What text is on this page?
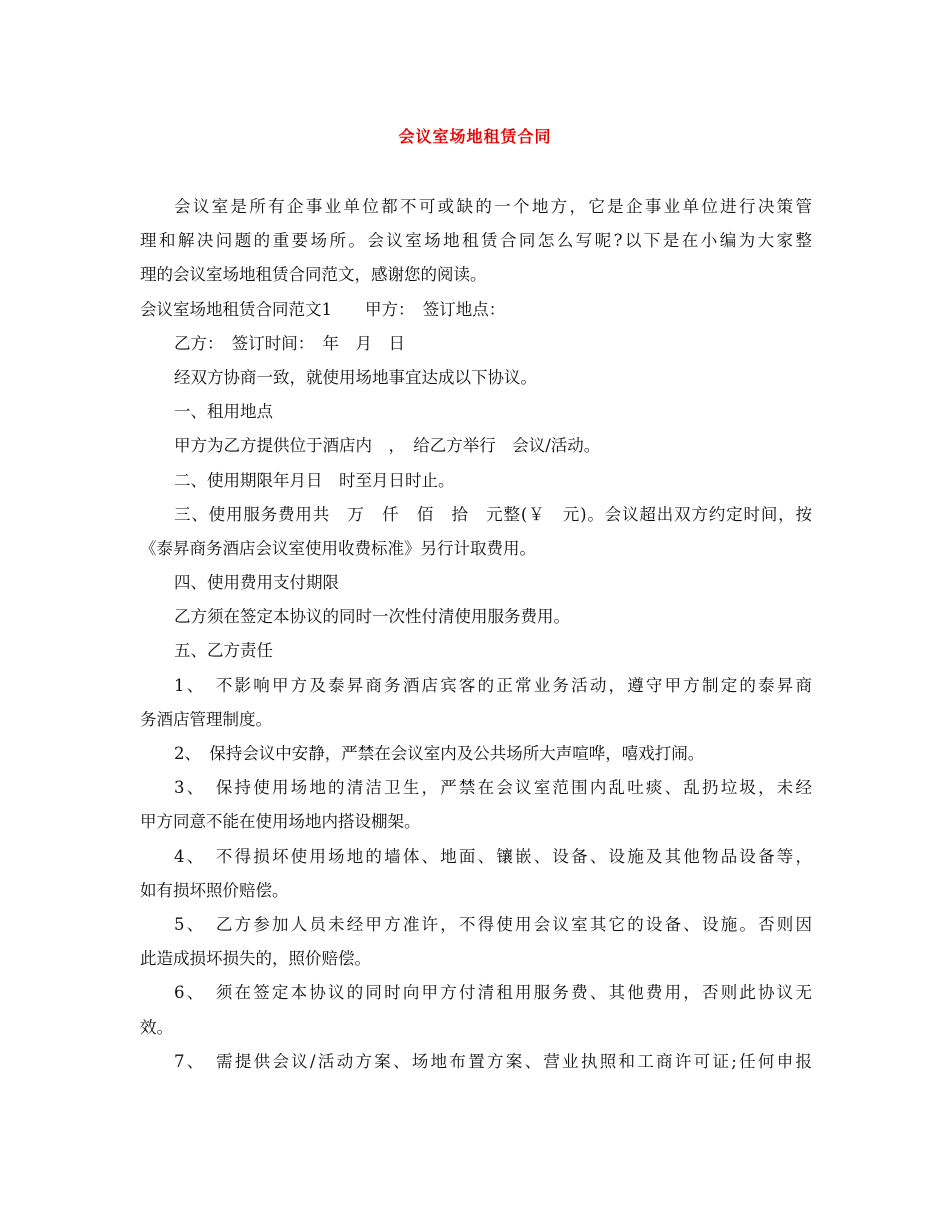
会议室场地租赁合同
会议室是所有企事业单位都不可或缺的一个地方，它是企事业单位进行决策管
理和解决问题的重要场所。会议室场地租赁合同怎么写呢?以下是在小编为大家整
理的会议室场地租赁合同范文，感谢您的阅读。
会议室场地租赁合同范文1　　甲方：　签订地点：
乙方：　签订时间：　年　月　日
经双方协商一致，就使用场地事宜达成以下协议。
一、租用地点
甲方为乙方提供位于酒店内　，　给乙方举行　会议/活动。
二、使用期限年月日　时至月日时止。
三、使用服务费用共　万　仟　佰　拾　元整(￥　元)。会议超出双方约定时间，按
《泰昇商务酒店会议室使用收费标准》另行计取费用。
四、使用费用支付期限
乙方须在签定本协议的同时一次性付清使用服务费用。
五、乙方责任
1、　不影响甲方及泰昇商务酒店宾客的正常业务活动，遵守甲方制定的泰昇商
务酒店管理制度。
2、　保持会议中安静，严禁在会议室内及公共场所大声喧哗，嘻戏打闹。
3、　保持使用场地的清洁卫生，严禁在会议室范围内乱吐痰、乱扔垃圾，未经
甲方同意不能在使用场地内搭设棚架。
4、　不得损坏使用场地的墙体、地面、镶嵌、设备、设施及其他物品设备等，
如有损坏照价赔偿。
5、　乙方参加人员未经甲方准许，不得使用会议室其它的设备、设施。否则因
此造成损坏损失的，照价赔偿。
6、　须在签定本协议的同时向甲方付清租用服务费、其他费用，否则此协议无
效。
7、　需提供会议/活动方案、场地布置方案、营业执照和工商许可证;任何申报
